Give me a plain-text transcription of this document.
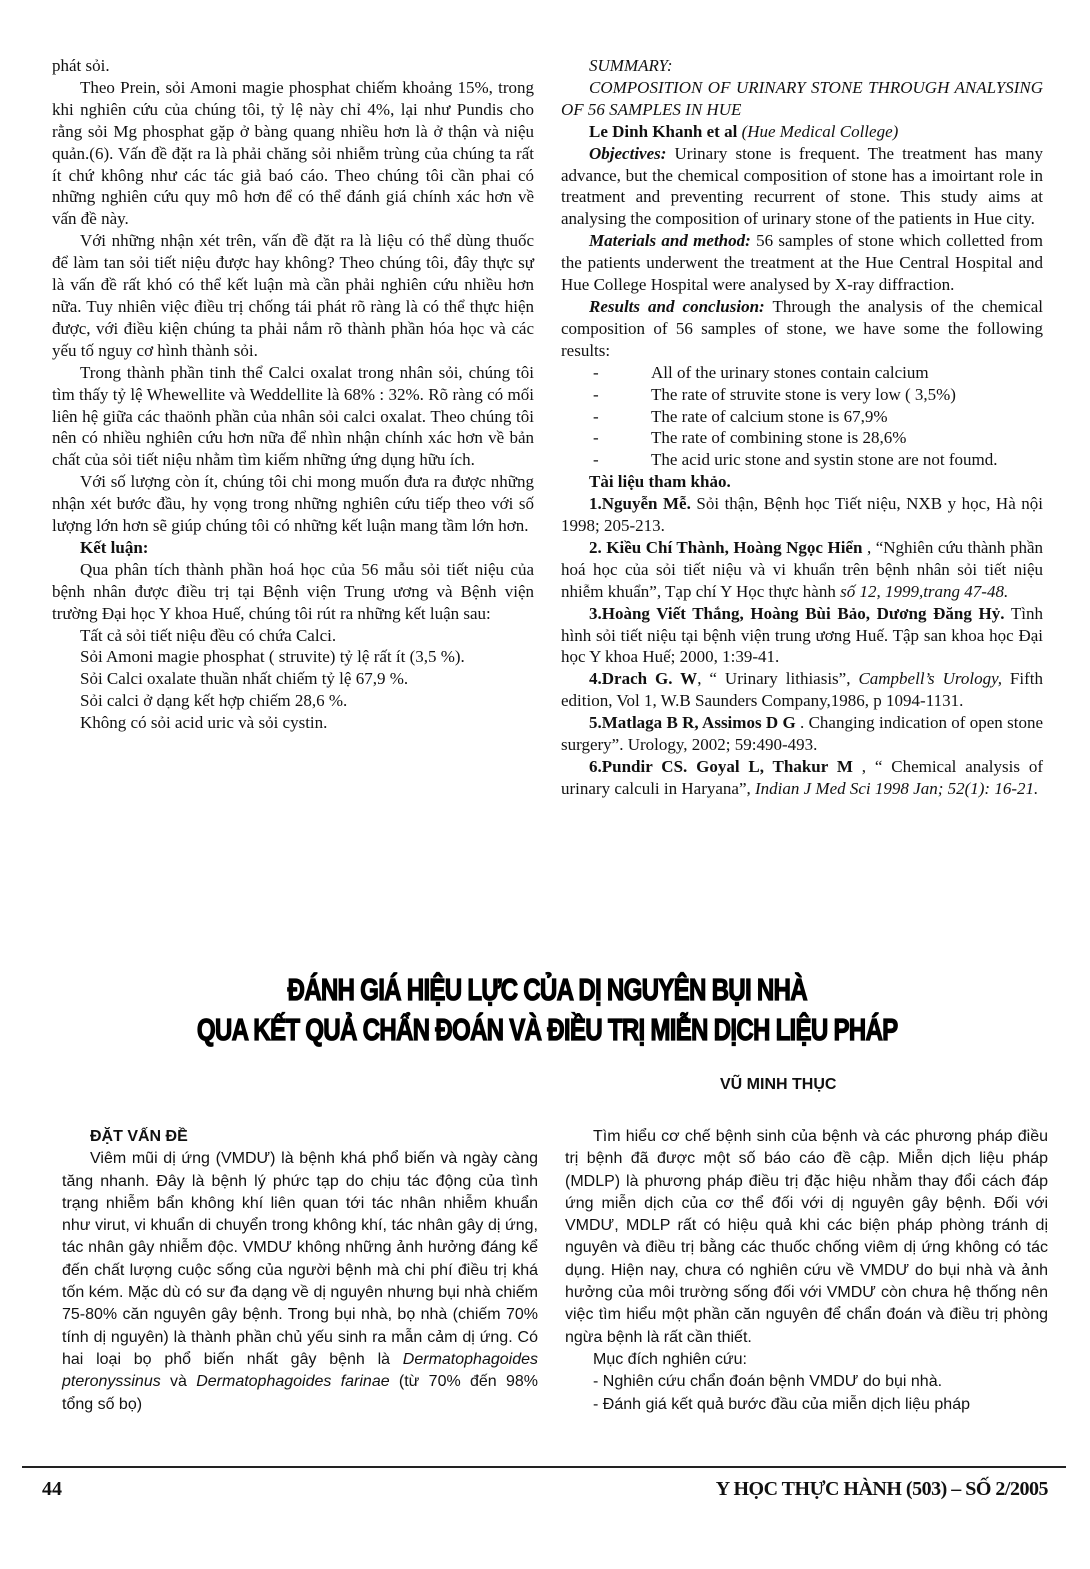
phát sỏi.
Theo Prein, sỏi Amoni magie phosphat chiếm khoảng 15%, trong khi nghiên cứu của chúng tôi, tỷ lệ này chỉ 4%, lại như Pundis cho rằng sỏi Mg phosphat gặp ở bàng quang nhiều hơn là ở thận và niệu quản.(6). Vấn đề đặt ra là phải chăng sỏi nhiễm trùng của chúng ta rất ít chứ không như các tác giả baó cáo. Theo chúng tôi cần phai có những nghiên cứu quy mô hơn để có thể đánh giá chính xác hơn về vấn đề này.
Với những nhận xét trên, vấn đề đặt ra là liệu có thể dùng thuốc để làm tan sỏi tiết niệu được hay không? Theo chúng tôi, đây thực sự là vấn đề rất khó có thể kết luận mà cần phải nghiên cứu nhiều hơn nữa. Tuy nhiên việc điều trị chống tái phát rõ ràng là có thể thực hiện được, với điều kiện chúng ta phải nắm rõ thành phần hóa học và các yếu tố nguy cơ hình thành sỏi.
Trong thành phần tinh thể Calci oxalat trong nhân sỏi, chúng tôi tìm thấy tỷ lệ Whewellite và Weddellite là 68% : 32%. Rõ ràng có mối liên hệ giữa các thaönh phần của nhân sỏi calci oxalat. Theo chúng tôi nên có nhiều nghiên cứu hơn nữa để nhìn nhận chính xác hơn về bản chất của sỏi tiết niệu nhằm tìm kiếm những ứng dụng hữu ích.
Với số lượng còn ít, chúng tôi chi mong muốn đưa ra được những nhận xét bước đầu, hy vọng trong những nghiên cứu tiếp theo với số lượng lớn hơn sẽ giúp chúng tôi có những kết luận mang tầm lớn hơn.
Kết luận:
Qua phân tích thành phần hoá học của 56 mẫu sỏi tiết niệu của bệnh nhân được điều trị tại Bệnh viện Trung ương và Bệnh viện trường Đại học Y khoa Huế, chúng tôi rút ra những kết luận sau:
Tất cả sỏi tiết niệu đều có chứa Calci.
Sỏi Amoni magie phosphat ( struvite) tỷ lệ rất ít (3,5 %).
Sỏi Calci oxalate thuần nhất chiếm tỷ lệ 67,9 %.
Sỏi calci ở dạng kết hợp chiếm 28,6 %.
Không có sỏi acid uric và sỏi cystin.
SUMMARY:
COMPOSITION OF URINARY STONE THROUGH ANALYSING OF 56 SAMPLES IN HUE
Le Dinh Khanh et al (Hue Medical College)
Objectives: Urinary stone is frequent. The treatment has many advance, but the chemical composition of stone has a imoirtant role in treatment and preventing recurrent of stone. This study aims at analysing the composition of urinary stone of the patients in Hue city.
Materials and method: 56 samples of stone which colletted from the patients underwent the treatment at the Hue Central Hospital and Hue College Hospital were analysed by X-ray diffraction.
Results and conclusion: Through the analysis of the chemical composition of 56 samples of stone, we have some the following results:
-	All of the urinary stones contain calcium
-	The rate of struvite stone is very low ( 3,5%)
-	The rate of calcium stone is 67,9%
-	The rate of combining stone is 28,6%
-	The acid uric stone and systin stone are not foumd.
Tài liệu tham khảo.
1.Nguyễn Mễ. Sỏi thận, Bệnh học Tiết niệu, NXB y học, Hà nội 1998; 205-213.
2. Kiều Chí Thành, Hoàng Ngọc Hiển , “Nghiên cứu thành phần hoá học của sỏi tiết niệu và vi khuẩn trên bệnh nhân sỏi tiết niệu nhiễm khuẩn”, Tạp chí Y Học thực hành số 12, 1999,trang 47-48.
3.Hoàng Viết Thắng, Hoàng Bùi Bảo, Dương Đăng Hỷ. Tình hình sỏi tiết niệu tại bệnh viện trung ương Huế. Tập san khoa học Đại học Y khoa Huế; 2000, 1:39-41.
4.Drach G. W, “ Urinary lithiasis”, Campbell’s Urology, Fifth edition, Vol 1, W.B Saunders Company,1986, p 1094-1131.
5.Matlaga B R, Assimos D G . Changing indication of open stone surgery”. Urology, 2002; 59:490-493.
6.Pundir CS. Goyal L, Thakur M , “ Chemical analysis of urinary calculi in Haryana”, Indian J Med Sci 1998 Jan; 52(1): 16-21.
ĐÁNH GIÁ HIỆU LỰC CỦA DỊ NGUYÊN BỤI NHÀ
QUA KẾT QUẢ CHẨN ĐOÁN VÀ ĐIỀU TRỊ MIỄN DỊCH LIỆU PHÁP
VŨ MINH THỤC
ĐẶT VẤN ĐỀ
Viêm mũi dị ứng (VMDƯ) là bệnh khá phổ biến và ngày càng tăng nhanh. Đây là bệnh lý phức tạp do chịu tác động của tình trạng nhiễm bẩn không khí liên quan tới tác nhân nhiễm khuẩn như virut, vi khuẩn di chuyển trong không khí, tác nhân gây dị ứng, tác nhân gây nhiễm độc. VMDƯ không những ảnh hưởng đáng kể đến chất lượng cuộc sống của người bệnh mà chi phí điều trị khá tốn kém. Mặc dù có sư đa dạng về dị nguyên nhưng bụi nhà chiếm 75-80% căn nguyên gây bệnh. Trong bụi nhà, bọ nhà (chiếm 70% tính dị nguyên) là thành phần chủ yếu sinh ra mẫn cảm dị ứng. Có hai loại bọ phổ biến nhất gây bệnh là Dermatophagoides pteronyssinus và Dermatophagoides farinae (từ 70% đến 98% tổng số bọ)
Tìm hiểu cơ chế bệnh sinh của bệnh và các phương pháp điều trị bệnh đã được một số báo cáo đề cập. Miễn dịch liệu pháp (MDLP) là phương pháp điều trị đặc hiệu nhằm thay đổi cách đáp ứng miễn dịch của cơ thể đối với dị nguyên gây bệnh. Đối với VMDƯ, MDLP rất có hiệu quả khi các biện pháp phòng tránh dị nguyên và điều trị bằng các thuốc chống viêm dị ứng không có tác dụng. Hiện nay, chưa có nghiên cứu về VMDƯ do bụi nhà và ảnh hưởng của môi trường sống đối với VMDƯ còn chưa hệ thống nên việc tìm hiểu một phần căn nguyên để chẩn đoán và điều trị phòng ngừa bệnh là rất cần thiết.
Mục đích nghiên cứu:
- Nghiên cứu chẩn đoán bệnh VMDƯ do bụi nhà.
- Đánh giá kết quả bước đầu của miễn dịch liệu pháp
44	Y HỌC THỰC HÀNH (503) – SỐ 2/2005
